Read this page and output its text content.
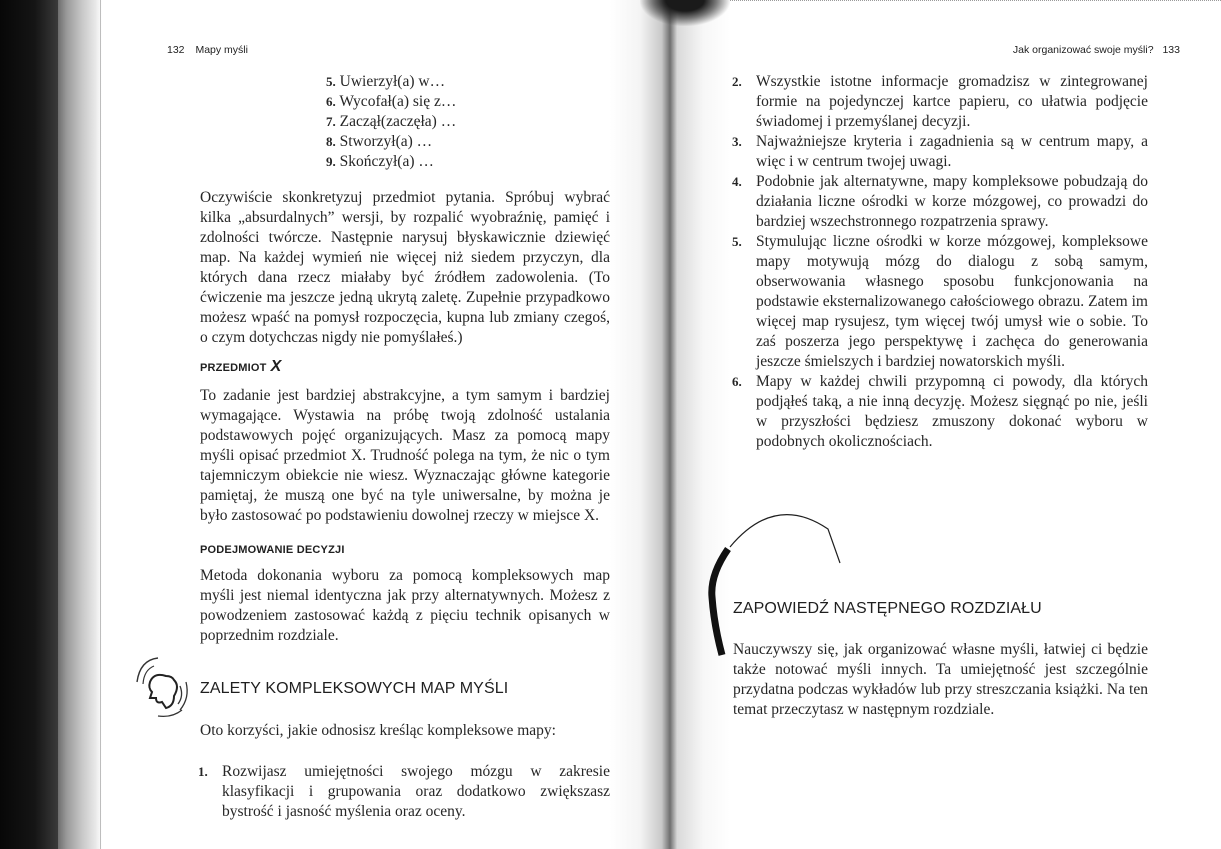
132 Mapy myśli
5. Uwierzył(a) w…
6. Wycofał(a) się z…
7. Zaczął(zaczęła) …
8. Stworzył(a) …
9. Skończył(a) …

Oczywiście skonkretyzuj przedmiot pytania. Spróbuj wybrać kilka „absurdalnych” wersji, by rozpalić wyobraźnię, pamięć i zdolności twórcze. Następnie narysuj błyskawicznie dziewięć map. Na każdej wymień nie więcej niż siedem przyczyn, dla których dana rzecz miałaby być źródłem zadowolenia. (To ćwiczenie ma jeszcze jedną ukrytą zaletę. Zupełnie przypadkowo możesz wpaść na pomysł rozpoczęcia, kupna lub zmiany czegoś, o czym dotychczas nigdy nie pomyślałeś.)

PRZEDMIOT X

To zadanie jest bardziej abstrakcyjne, a tym samym i bardziej wymagające. Wystawia na próbę twoją zdolność ustalania podstawowych pojęć organizujących. Masz za pomocą mapy myśli opisać przedmiot X. Trudność polega na tym, że nic o tym tajemniczym obiekcie nie wiesz. Wyznaczając główne kategorie pamiętaj, że muszą one być na tyle uniwersalne, by można je było zastosować po podstawieniu dowolnej rzeczy w miejsce X.

PODEJMOWANIE DECYZJI

Metoda dokonania wyboru za pomocą kompleksowych map myśli jest niemal identyczna jak przy alternatywnych. Możesz z powodzeniem zastosować każdą z pięciu technik opisanych w poprzednim rozdziale.

ZALETY KOMPLEKSOWYCH MAP MYŚLI

Oto korzyści, jakie odnosisz kreśląc kompleksowe mapy:

1. Rozwijasz umiejętności swojego mózgu w zakresie klasyfikacji i grupowania oraz dodatkowo zwiększasz bystrość i jasność myślenia oraz oceny.
Jak organizować swoje myśli? 133
2. Wszystkie istotne informacje gromadzisz w zintegrowanej formie na pojedynczej kartce papieru, co ułatwia podjęcie świadomej i przemyślanej decyzji.
3. Najważniejsze kryteria i zagadnienia są w centrum mapy, a więc i w centrum twojej uwagi.
4. Podobnie jak alternatywne, mapy kompleksowe pobudzają do działania liczne ośrodki w korze mózgowej, co prowadzi do bardziej wszechstronnego rozpatrzenia sprawy.
5. Stymulując liczne ośrodki w korze mózgowej, kompleksowe mapy motywują mózg do dialogu z sobą samym, obserwowania własnego sposobu funkcjonowania na podstawie eksternalizowanego całościowego obrazu. Zatem im więcej map rysujesz, tym więcej twój umysł wie o sobie. To zaś poszerza jego perspektywę i zachęca do generowania jeszcze śmielszych i bardziej nowatorskich myśli.
6. Mapy w każdej chwili przypomną ci powody, dla których podjąłeś taką, a nie inną decyzję. Możesz sięgnąć po nie, jeśli w przyszłości będziesz zmuszony dokonać wyboru w podobnych okolicznościach.
ZAPOWIEDŹ NASTĘPNEGO ROZDZIAŁU

Nauczywszy się, jak organizować własne myśli, łatwiej ci będzie także notować myśli innych. Ta umiejętność jest szczególnie przydatna podczas wykładów lub przy streszczania książki. Na ten temat przeczytasz w następnym rozdziale.
